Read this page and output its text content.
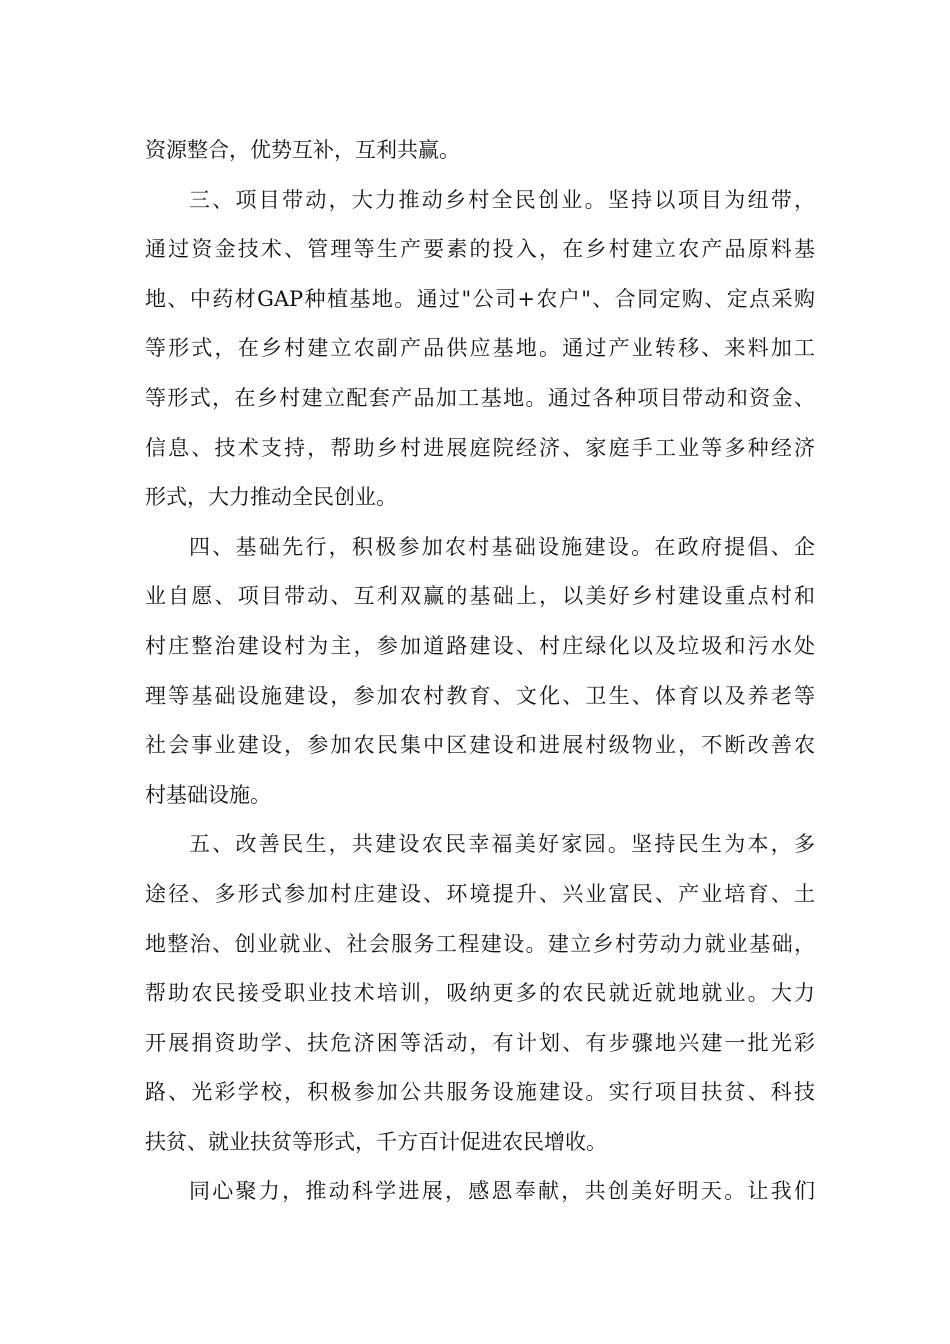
资源整合，优势互补，互利共赢。

三、项目带动，大力推动乡村全民创业。坚持以项目为纽带，

通过资金技术、管理等生产要素的投入，在乡村建立农产品原料基

地、中药材GAP种植基地。通过"公司+农户"、合同定购、定点采购

等形式，在乡村建立农副产品供应基地。通过产业转移、来料加工

等形式，在乡村建立配套产品加工基地。通过各种项目带动和资金、

信息、技术支持，帮助乡村进展庭院经济、家庭手工业等多种经济

形式，大力推动全民创业。

四、基础先行，积极参加农村基础设施建设。在政府提倡、企

业自愿、项目带动、互利双赢的基础上，以美好乡村建设重点村和

村庄整治建设村为主，参加道路建设、村庄绿化以及垃圾和污水处

理等基础设施建设，参加农村教育、文化、卫生、体育以及养老等

社会事业建设，参加农民集中区建设和进展村级物业，不断改善农

村基础设施。

五、改善民生，共建设农民幸福美好家园。坚持民生为本，多

途径、多形式参加村庄建设、环境提升、兴业富民、产业培育、土

地整治、创业就业、社会服务工程建设。建立乡村劳动力就业基础，

帮助农民接受职业技术培训，吸纳更多的农民就近就地就业。大力

开展捐资助学、扶危济困等活动，有计划、有步骤地兴建一批光彩

路、光彩学校，积极参加公共服务设施建设。实行项目扶贫、科技

扶贫、就业扶贫等形式，千方百计促进农民增收。

同心聚力，推动科学进展，感恩奉献，共创美好明天。让我们
